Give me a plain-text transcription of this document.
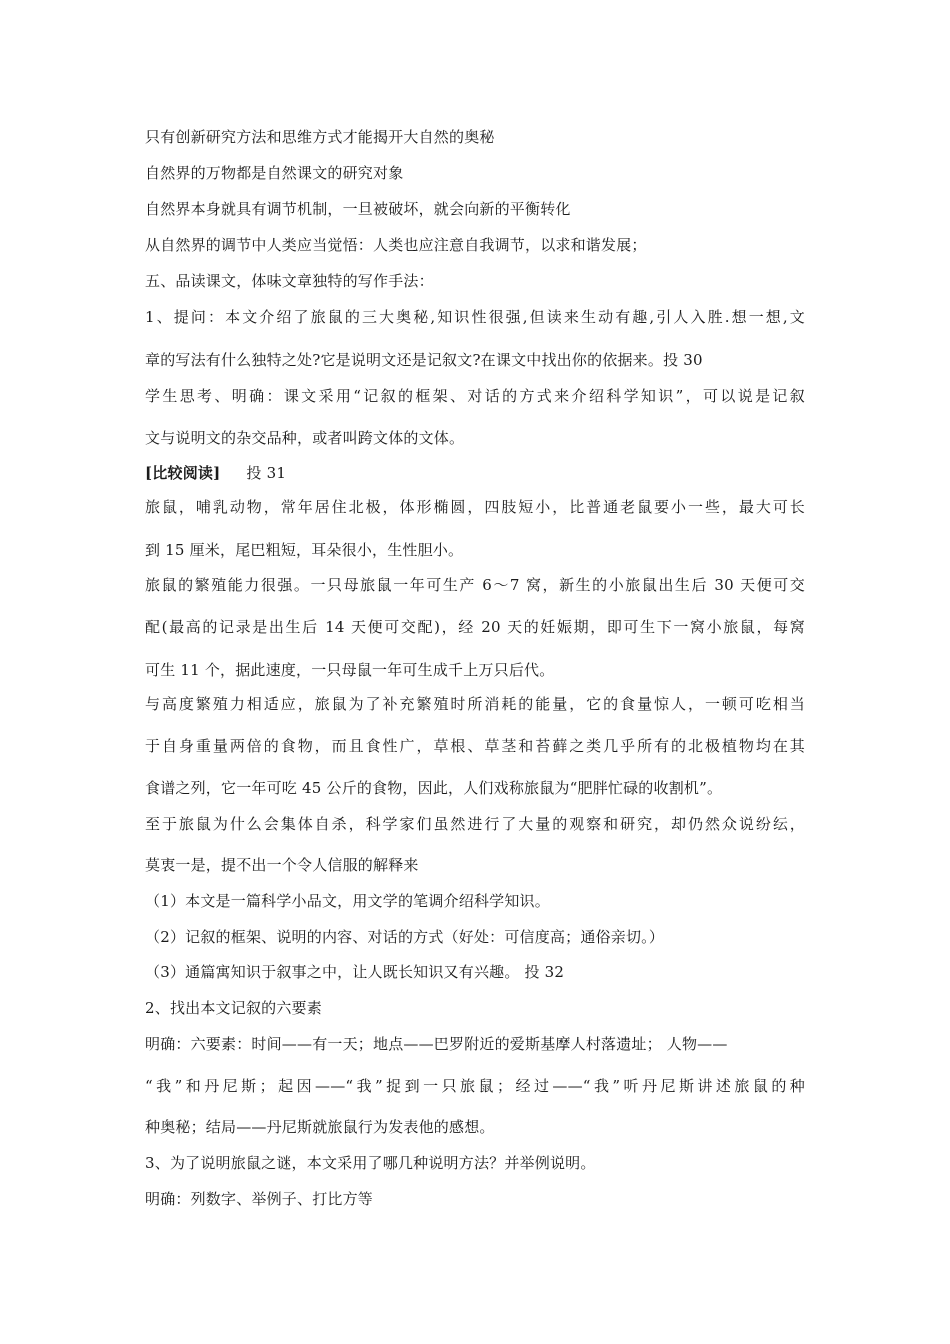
只有创新研究方法和思维方式才能揭开大自然的奥秘
自然界的万物都是自然课文的研究对象
自然界本身就具有调节机制，一旦被破坏，就会向新的平衡转化
从自然界的调节中人类应当觉悟：人类也应注意自我调节，以求和谐发展；
五、品读课文，体味文章独特的写作手法：
1、提问：本文介绍了旅鼠的三大奥秘,知识性很强,但读来生动有趣,引人入胜.想一想,文
章的写法有什么独特之处?它是说明文还是记叙文?在课文中找出你的依据来。投 30
学生思考、明确：课文采用“记叙的框架、对话的方式来介绍科学知识”，可以说是记叙
文与说明文的杂交品种，或者叫跨文体的文体。
[比较阅读] 投 31
旅鼠，哺乳动物，常年居住北极，体形椭圆，四肢短小，比普通老鼠要小一些，最大可长
到 15 厘米，尾巴粗短，耳朵很小，生性胆小。
旅鼠的繁殖能力很强。一只母旅鼠一年可生产 6～7 窝，新生的小旅鼠出生后 30 天便可交
配(最高的记录是出生后 14 天便可交配)，经 20 天的妊娠期，即可生下一窝小旅鼠，每窝
可生 11 个，据此速度，一只母鼠一年可生成千上万只后代。
与高度繁殖力相适应，旅鼠为了补充繁殖时所消耗的能量，它的食量惊人，一顿可吃相当
于自身重量两倍的食物，而且食性广，草根、草茎和苔藓之类几乎所有的北极植物均在其
食谱之列，它一年可吃 45 公斤的食物，因此，人们戏称旅鼠为“肥胖忙碌的收割机”。
至于旅鼠为什么会集体自杀，科学家们虽然进行了大量的观察和研究，却仍然众说纷纭，
莫衷一是，提不出一个令人信服的解释来
（1）本文是一篇科学小品文，用文学的笔调介绍科学知识。
（2）记叙的框架、说明的内容、对话的方式（好处：可信度高；通俗亲切。）
（3）通篇寓知识于叙事之中，让人既长知识又有兴趣。 投 32
2、找出本文记叙的六要素
明确：六要素：时间——有一天；地点——巴罗附近的爱斯基摩人村落遗址； 人物——
“我”和丹尼斯；起因——“我”捉到一只旅鼠；经过——“我”听丹尼斯讲述旅鼠的种
种奥秘；结局——丹尼斯就旅鼠行为发表他的感想。
3、为了说明旅鼠之谜，本文采用了哪几种说明方法？并举例说明。
明确：列数字、举例子、打比方等
